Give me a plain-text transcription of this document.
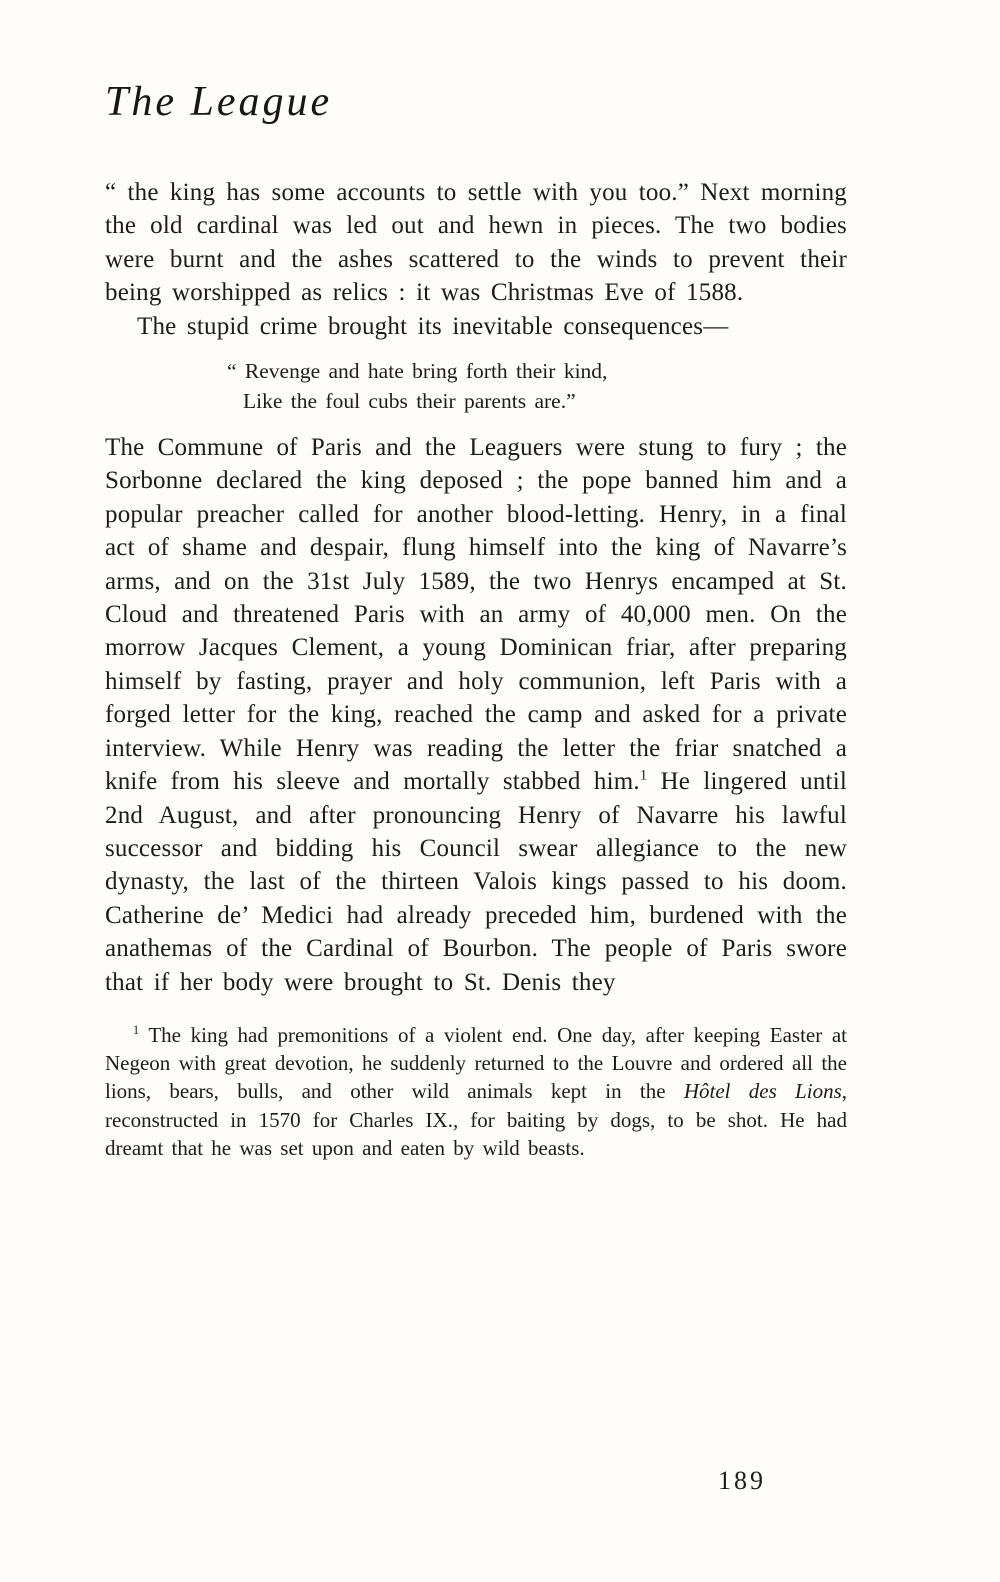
The League

“ the king has some accounts to settle with you too.” Next morning the old cardinal was led out and hewn in pieces. The two bodies were burnt and the ashes scattered to the winds to prevent their being worshipped as relics : it was Christmas Eve of 1588.

The stupid crime brought its inevitable consequences—

“ Revenge and hate bring forth their kind,
Like the foul cubs their parents are.”

The Commune of Paris and the Leaguers were stung to fury ; the Sorbonne declared the king deposed ; the pope banned him and a popular preacher called for another blood-letting. Henry, in a final act of shame and despair, flung himself into the king of Navarre’s arms, and on the 31st July 1589, the two Henrys encamped at St. Cloud and threatened Paris with an army of 40,000 men. On the morrow Jacques Clement, a young Dominican friar, after preparing himself by fasting, prayer and holy communion, left Paris with a forged letter for the king, reached the camp and asked for a private interview. While Henry was reading the letter the friar snatched a knife from his sleeve and mortally stabbed him.$^1$ He lingered until 2nd August, and after pronouncing Henry of Navarre his lawful successor and bidding his Council swear allegiance to the new dynasty, the last of the thirteen Valois kings passed to his doom. Catherine de’ Medici had already preceded him, burdened with the anathemas of the Cardinal of Bourbon. The people of Paris swore that if her body were brought to St. Denis they

$^1$ The king had premonitions of a violent end. One day, after keeping Easter at Negeon with great devotion, he suddenly returned to the Louvre and ordered all the lions, bears, bulls, and other wild animals kept in the Hôtel des Lions, reconstructed in 1570 for Charles IX., for baiting by dogs, to be shot. He had dreamt that he was set upon and eaten by wild beasts.
189
